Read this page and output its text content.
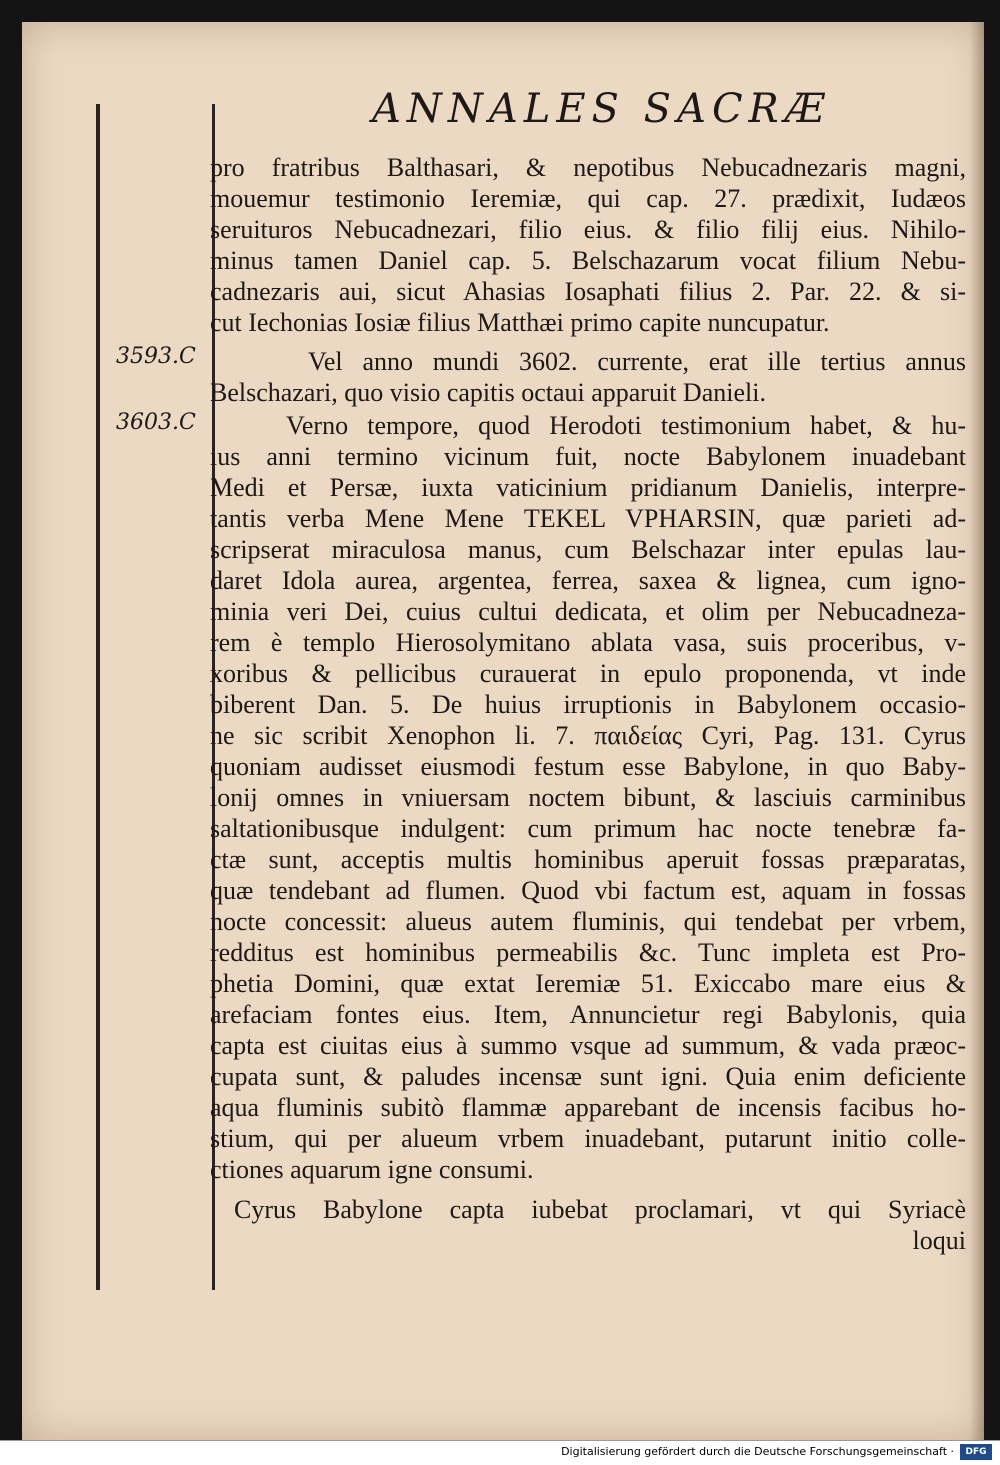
ANNALES SACRÆ
3593.C
3603.C
pro fratribus Balthasari, & nepotibus Nebucadnezaris magni,
mouemur testimonio Ieremiæ, qui cap. 27. prædixit, Iudæos
seruituros Nebucadnezari, filio eius. & filio filij eius. Nihilo-
minus tamen Daniel cap. 5. Belschazarum vocat filium Nebu-
cadnezaris aui, sicut Ahasias Iosaphati filius 2. Par. 22. & si-
cut Iechonias Iosiæ filius Matthæi primo capite nuncupatur.
Vel anno mundi 3602. currente, erat ille tertius annus
Belschazari, quo visio capitis octaui apparuit Danieli.
Verno tempore, quod Herodoti testimonium habet, & hu-
ius anni termino vicinum fuit, nocte Babylonem inuadebant
Medi et Persæ, iuxta vaticinium pridianum Danielis, interpre-
tantis verba Mene Mene TEKEL VPHARSIN, quæ parieti ad-
scripserat miraculosa manus, cum Belschazar inter epulas lau-
daret Idola aurea, argentea, ferrea, saxea & lignea, cum igno-
minia veri Dei, cuius cultui dedicata, et olim per Nebucadneza-
rem è templo Hierosolymitano ablata vasa, suis proceribus, v-
xoribus & pellicibus curauerat in epulo proponenda, vt inde
biberent Dan. 5. De huius irruptionis in Babylonem occasio-
ne sic scribit Xenophon li. 7. παιδείας Cyri, Pag. 131. Cyrus
quoniam audisset eiusmodi festum esse Babylone, in quo Baby-
lonij omnes in vniuersam noctem bibunt, & lasciuis carminibus
saltationibusque indulgent: cum primum hac nocte tenebræ fa-
ctæ sunt, acceptis multis hominibus aperuit fossas præparatas,
quæ tendebant ad flumen. Quod vbi factum est, aquam in fossas
nocte concessit: alueus autem fluminis, qui tendebat per vrbem,
redditus est hominibus permeabilis &c. Tunc impleta est Pro-
phetia Domini, quæ extat Ieremiæ 51. Exiccabo mare eius &
arefaciam fontes eius. Item, Annuncietur regi Babylonis, quia
capta est ciuitas eius à summo vsque ad summum, & vada præoc-
cupata sunt, & paludes incensæ sunt igni. Quia enim deficiente
aqua fluminis subitò flammæ apparebant de incensis facibus ho-
stium, qui per alueum vrbem inuadebant, putarunt initio colle-
ctiones aquarum igne consumi.
Cyrus Babylone capta iubebat proclamari, vt qui Syriacè
loqui
Digitalisierung gefördert durch die Deutsche Forschungsgemeinschaft ·	DFG
